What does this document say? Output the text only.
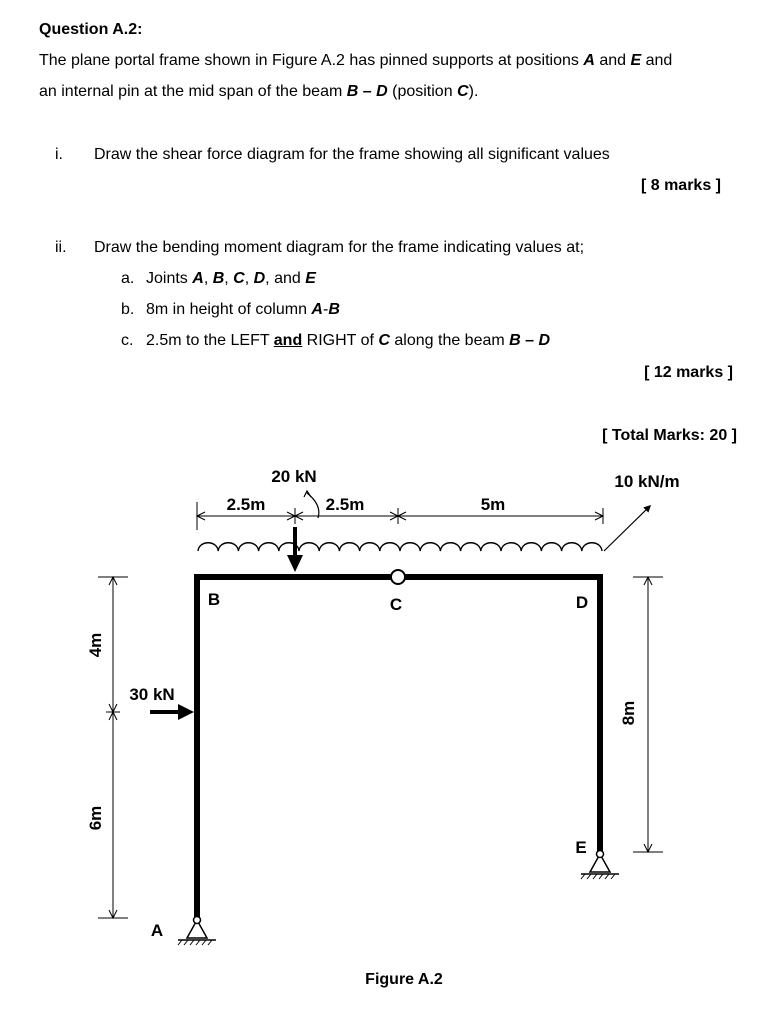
Question A.2:
The plane portal frame shown in Figure A.2 has pinned supports at positions A and E and
an internal pin at the mid span of the beam B – D (position C).
i. Draw the shear force diagram for the frame showing all significant values
[ 8 marks ]
ii. Draw the bending moment diagram for the frame indicating values at;
a. Joints A, B, C, D, and E
b. 8m in height of column A-B
c. 2.5m to the LEFT and RIGHT of C along the beam B – D
[ 12 marks ]
[ Total Marks: 20 ]
20 kN	10 kN/m
2.5m	2.5m	5m
30 kN
B	C	D
E
A
4m
6m
8m
Figure A.2
